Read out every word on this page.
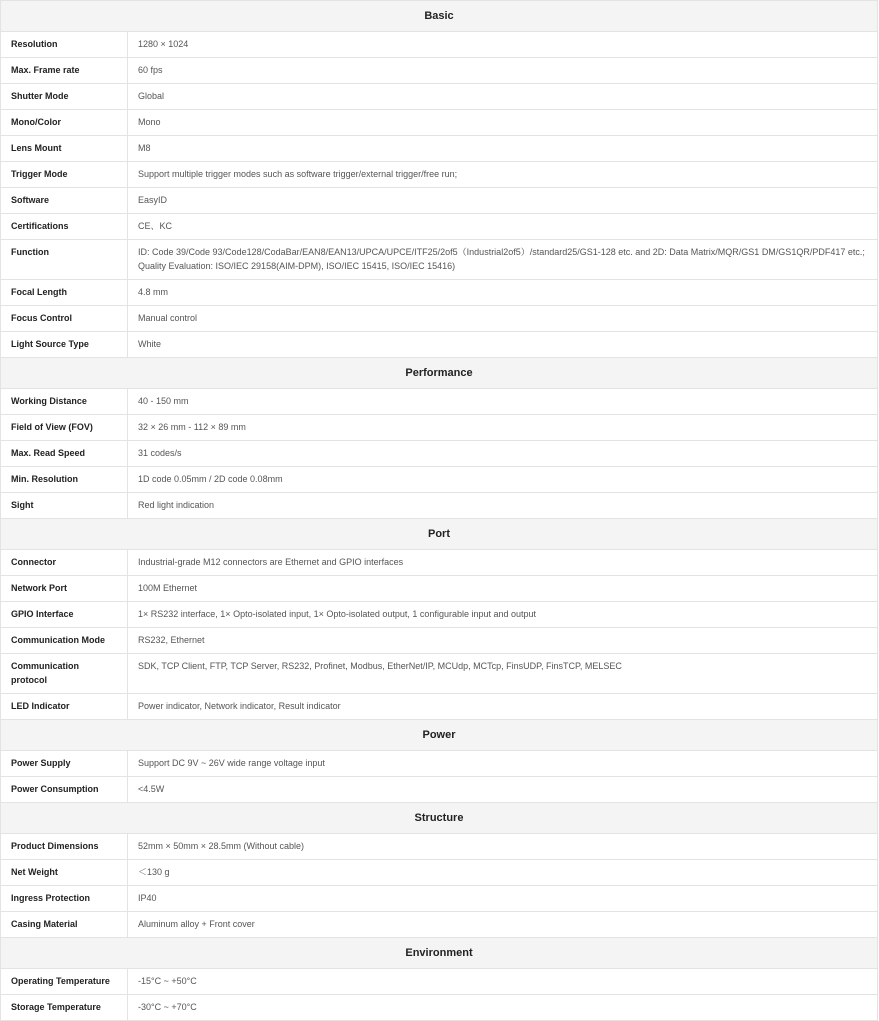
Basic	
Resolution	1280 × 1024
Max. Frame rate	60 fps
Shutter Mode	Global
Mono/Color	Mono
Lens Mount	M8
Trigger Mode	Support multiple trigger modes such as software trigger/external trigger/free run;
Software	EasyID
Certifications	CE、KC
Function	ID: Code 39/Code 93/Code128/CodaBar/EAN8/EAN13/UPCA/UPCE/ITF25/2of5（Industrial2of5）/standard25/GS1-128 etc. and 2D: Data Matrix/MQR/GS1 DM/GS1QR/PDF417 etc.; Quality Evaluation: ISO/IEC 29158(AIM-DPM), ISO/IEC 15415, ISO/IEC 15416)
Focal Length	4.8 mm
Focus Control	Manual control
Light Source Type	White
Performance	
Working Distance	40 - 150 mm
Field of View (FOV)	32 × 26 mm - 112 × 89 mm
Max. Read Speed	31 codes/s
Min. Resolution	1D code 0.05mm / 2D code 0.08mm
Sight	Red light indication
Port	
Connector	Industrial-grade M12 connectors are Ethernet and GPIO interfaces
Network Port	100M Ethernet
GPIO Interface	1× RS232 interface, 1× Opto-isolated input, 1× Opto-isolated output, 1 configurable input and output
Communication Mode	RS232, Ethernet
Communication protocol	SDK, TCP Client, FTP, TCP Server, RS232, Profinet, Modbus, EtherNet/IP, MCUdp, MCTcp, FinsUDP, FinsTCP, MELSEC
LED Indicator	Power indicator, Network indicator, Result indicator
Power	
Power Supply	Support DC 9V ~ 26V wide range voltage input
Power Consumption	<4.5W
Structure	
Product Dimensions	52mm × 50mm × 28.5mm (Without cable)
Net Weight	＜130 g
Ingress Protection	IP40
Casing Material	Aluminum alloy + Front cover
Environment	
Operating Temperature	-15°C ~ +50°C
Storage Temperature	-30°C ~ +70°C
